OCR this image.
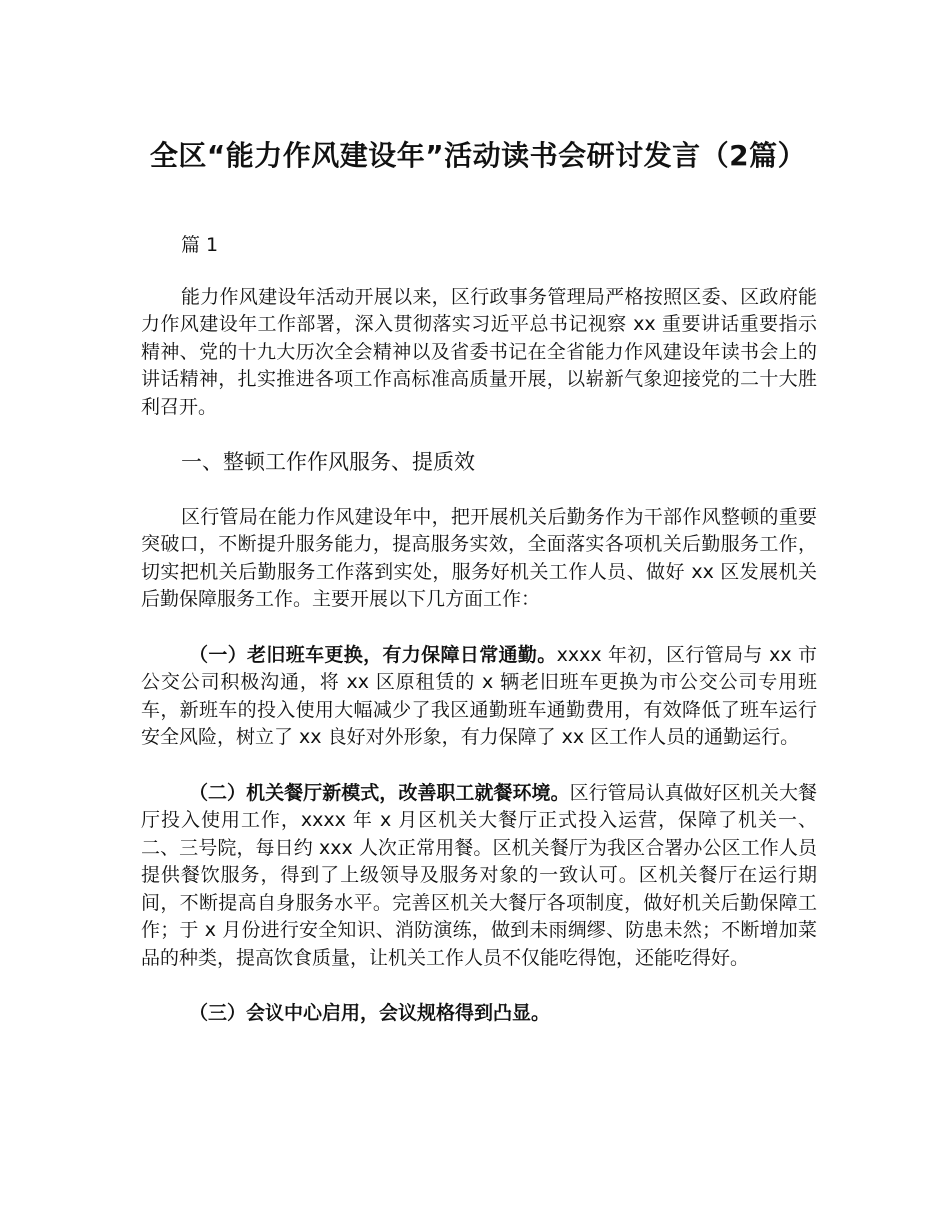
全区“能力作风建设年”活动读书会研讨发言（2篇）

篇 1

能力作风建设年活动开展以来，区行政事务管理局严格按照区委、区政府能力作风建设年工作部署，深入贯彻落实习近平总书记视察 xx 重要讲话重要指示精神、党的十九大历次全会精神以及省委书记在全省能力作风建设年读书会上的讲话精神，扎实推进各项工作高标准高质量开展，以崭新气象迎接党的二十大胜利召开。

一、整顿工作作风服务、提质效

区行管局在能力作风建设年中，把开展机关后勤务作为干部作风整顿的重要突破口，不断提升服务能力，提高服务实效，全面落实各项机关后勤服务工作，切实把机关后勤服务工作落到实处，服务好机关工作人员、做好 xx 区发展机关后勤保障服务工作。主要开展以下几方面工作：

（一）老旧班车更换，有力保障日常通勤。xxxx 年初，区行管局与 xx 市公交公司积极沟通，将 xx 区原租赁的 x 辆老旧班车更换为市公交公司专用班车，新班车的投入使用大幅减少了我区通勤班车通勤费用，有效降低了班车运行安全风险，树立了 xx 良好对外形象，有力保障了 xx 区工作人员的通勤运行。

（二）机关餐厅新模式，改善职工就餐环境。区行管局认真做好区机关大餐厅投入使用工作，xxxx 年 x 月区机关大餐厅正式投入运营，保障了机关一、二、三号院，每日约 xxx 人次正常用餐。区机关餐厅为我区合署办公区工作人员提供餐饮服务，得到了上级领导及服务对象的一致认可。区机关餐厅在运行期间，不断提高自身服务水平。完善区机关大餐厅各项制度，做好机关后勤保障工作；于 x 月份进行安全知识、消防演练，做到未雨绸缪、防患未然；不断增加菜品的种类，提高饮食质量，让机关工作人员不仅能吃得饱，还能吃得好。

（三）会议中心启用，会议规格得到凸显。
